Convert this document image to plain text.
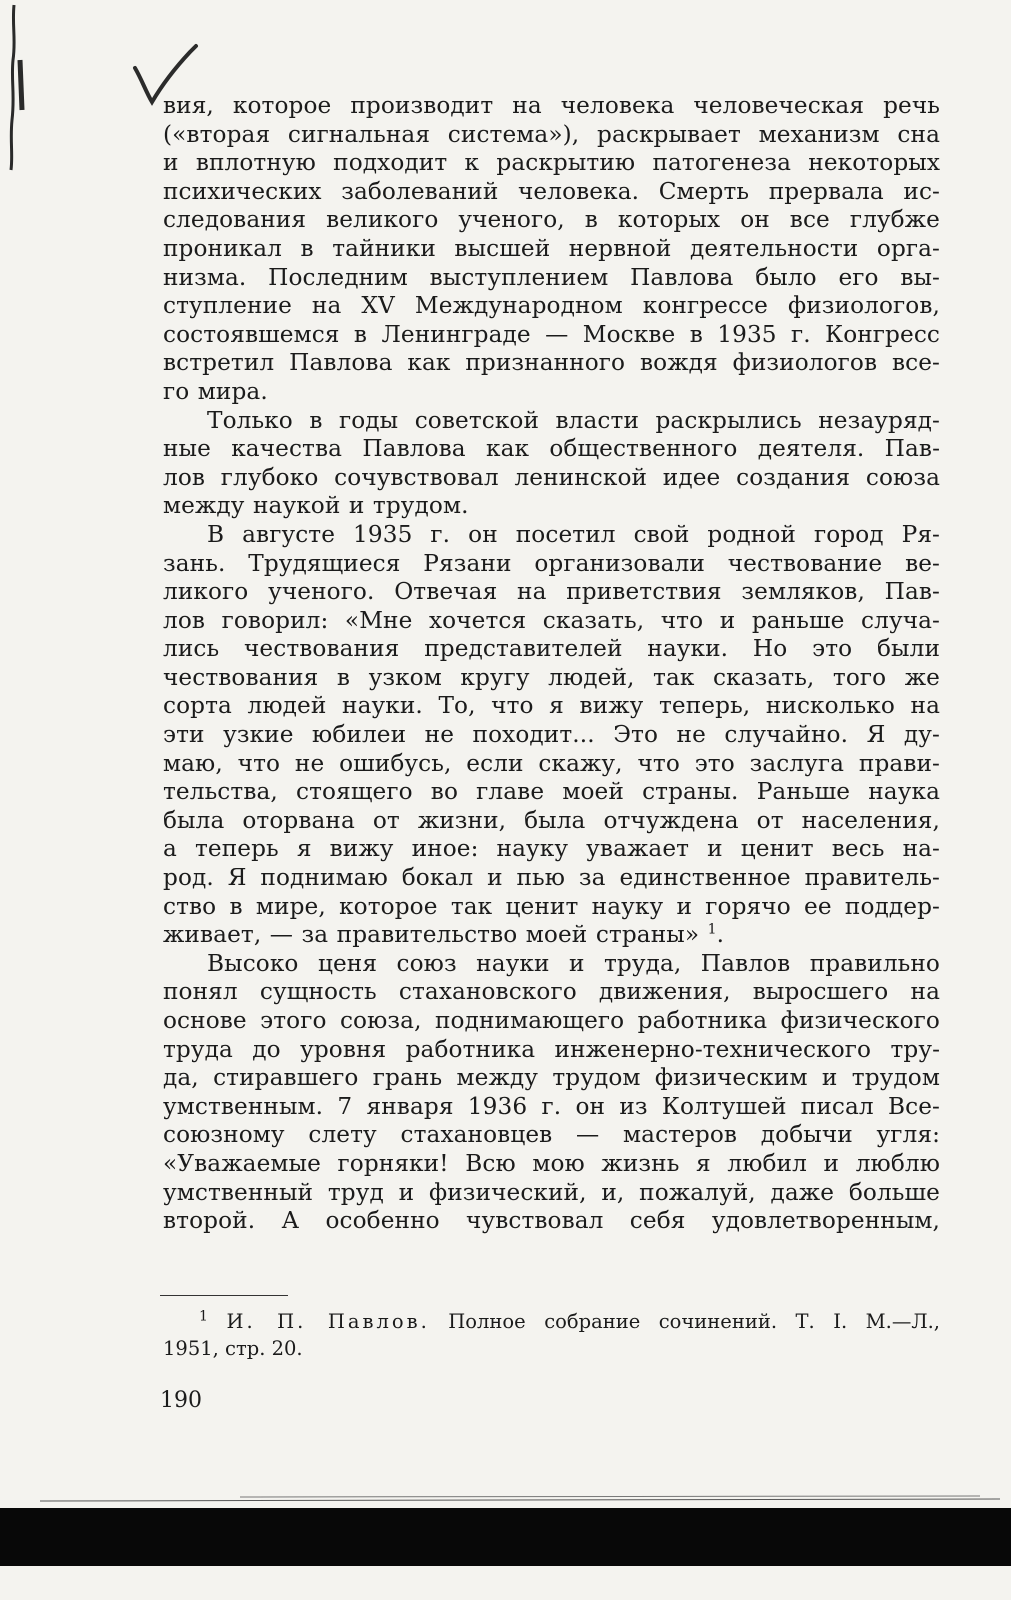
вия, которое производит на человека человеческая речь
(«вторая сигнальная система»), раскрывает механизм сна
и вплотную подходит к раскрытию патогенеза некоторых
психических заболеваний человека. Смерть прервала ис-
следования великого ученого, в которых он все глубже
проникал в тайники высшей нервной деятельности орга-
низма. Последним выступлением Павлова было его вы-
ступление на XV Международном конгрессе физиологов,
состоявшемся в Ленинграде — Москве в 1935 г. Конгресс
встретил Павлова как признанного вождя физиологов все-
го мира.
Только в годы советской власти раскрылись незауряд-
ные качества Павлова как общественного деятеля. Пав-
лов глубоко сочувствовал ленинской идее создания союза
между наукой и трудом.
В августе 1935 г. он посетил свой родной город Ря-
зань. Трудящиеся Рязани организовали чествование ве-
ликого ученого. Отвечая на приветствия земляков, Пав-
лов говорил: «Мне хочется сказать, что и раньше случа-
лись чествования представителей науки. Но это были
чествования в узком кругу людей, так сказать, того же
сорта людей науки. То, что я вижу теперь, нисколько на
эти узкие юбилеи не походит... Это не случайно. Я ду-
маю, что не ошибусь, если скажу, что это заслуга прави-
тельства, стоящего во главе моей страны. Раньше наука
была оторвана от жизни, была отчуждена от населения,
а теперь я вижу иное: науку уважает и ценит весь на-
род. Я поднимаю бокал и пью за единственное правитель-
ство в мире, которое так ценит науку и горячо ее поддер-
живает, — за правительство моей страны» $^1$.
Высоко ценя союз науки и труда, Павлов правильно
понял сущность стахановского движения, выросшего на
основе этого союза, поднимающего работника физического
труда до уровня работника инженерно-технического тру-
да, стиравшего грань между трудом физическим и трудом
умственным. 7 января 1936 г. он из Колтушей писал Все-
союзному слету стахановцев — мастеров добычи угля:
«Уважаемые горняки! Всю мою жизнь я любил и люблю
умственный труд и физический, и, пожалуй, даже больше
второй. А особенно чувствовал себя удовлетворенным,
$^1$ И. П. Павлов. Полное собрание сочинений. Т. I. М.—Л.,
1951, стр. 20.
190
